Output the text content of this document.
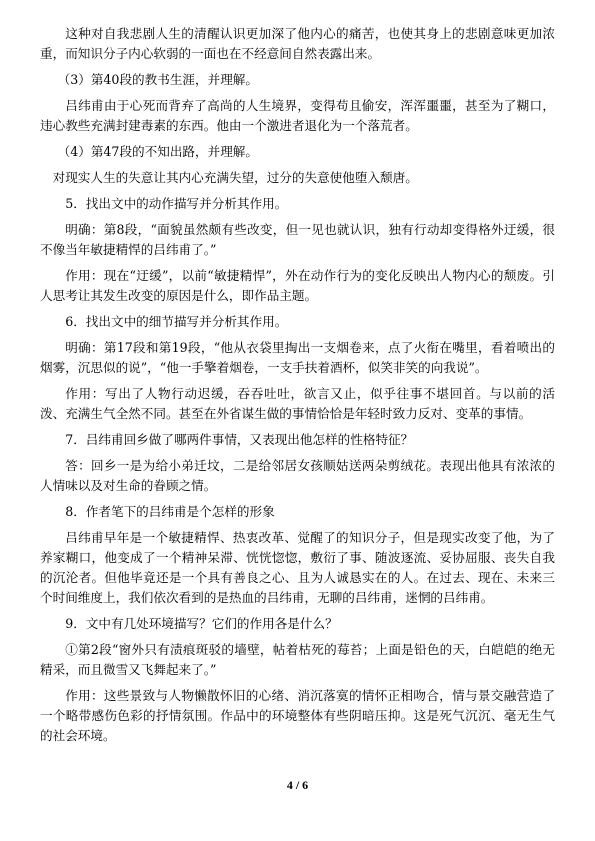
这种对自我悲剧人生的清醒认识更加深了他内心的痛苦，也使其身上的悲剧意味更加浓重，而知识分子内心软弱的一面也在不经意间自然表露出来。

（3）第40段的教书生涯，并理解。

吕纬甫由于心死而背弃了高尚的人生境界，变得苟且偷安，浑浑噩噩，甚至为了糊口，违心教些充满封建毒素的东西。他由一个激进者退化为一个落荒者。

（4）第47段的不知出路，并理解。

对现实人生的失意让其内心充满失望，过分的失意使他堕入颓唐。

5．找出文中的动作描写并分析其作用。

明确：第8段，“面貌虽然颇有些改变，但一见也就认识，独有行动却变得格外迂缓，很不像当年敏捷精悍的吕纬甫了。”

作用：现在“迂缓”，以前“敏捷精悍”，外在动作行为的变化反映出人物内心的颓废。引人思考让其发生改变的原因是什么，即作品主题。

6．找出文中的细节描写并分析其作用。

明确：第17段和第19段，“他从衣袋里掏出一支烟卷来，点了火衔在嘴里，看着喷出的烟雾，沉思似的说”，“他一手擎着烟卷，一支手扶着酒杯，似笑非笑的向我说”。

作用：写出了人物行动迟缓，吞吞吐吐，欲言又止，似乎往事不堪回首。与以前的活泼、充满生气全然不同。甚至在外省谋生做的事情恰恰是年轻时致力反对、变革的事情。

7．吕纬甫回乡做了哪两件事情，又表现出他怎样的性格特征？

答：回乡一是为给小弟迁坟，二是给邻居女孩顺姑送两朵剪绒花。表现出他具有浓浓的人情味以及对生命的眷顾之情。

8．作者笔下的吕纬甫是个怎样的形象

吕纬甫早年是一个敏捷精悍、热衷改革、觉醒了的知识分子，但是现实改变了他，为了养家糊口，他变成了一个精神呆滞、恍恍惚惚，敷衍了事、随波逐流、妥协屈服、丧失自我的沉沦者。但他毕竟还是一个具有善良之心、且为人诚恳实在的人。在过去、现在、未来三个时间维度上，我们依次看到的是热血的吕纬甫，无聊的吕纬甫，迷惘的吕纬甫。

9．文中有几处环境描写？它们的作用各是什么？

①第2段“窗外只有渍痕斑驳的墙壁，帖着枯死的莓苔；上面是铅色的天，白皑皑的绝无精采，而且微雪又飞舞起来了。”

作用：这些景致与人物懒散怀旧的心绪、消沉落寞的情怀正相吻合，情与景交融营造了一个略带感伤色彩的抒情氛围。作品中的环境整体有些阴暗压抑。这是死气沉沉、毫无生气的社会环境。

4 / 6
